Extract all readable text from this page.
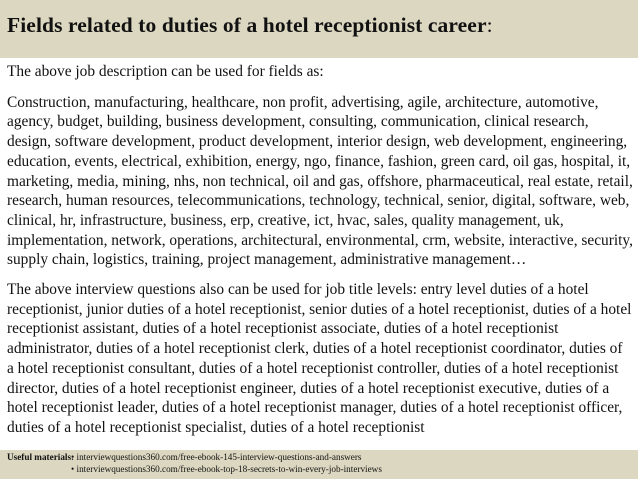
Fields related to duties of a hotel receptionist career:

The above job description can be used for fields as:

Construction, manufacturing, healthcare, non profit, advertising, agile, architecture, automotive, agency, budget, building, business development, consulting, communication, clinical research, design, software development, product development, interior design, web development, engineering, education, events, electrical, exhibition, energy, ngo, finance, fashion, green card, oil gas, hospital, it, marketing, media, mining, nhs, non technical, oil and gas, offshore, pharmaceutical, real estate, retail, research, human resources, telecommunications, technology, technical, senior, digital, software, web, clinical, hr, infrastructure, business, erp, creative, ict, hvac, sales, quality management, uk, implementation, network, operations, architectural, environmental, crm, website, interactive, security, supply chain, logistics, training, project management, administrative management…

The above interview questions also can be used for job title levels: entry level duties of a hotel receptionist, junior duties of a hotel receptionist, senior duties of a hotel receptionist, duties of a hotel receptionist assistant, duties of a hotel receptionist associate, duties of a hotel receptionist administrator, duties of a hotel receptionist clerk, duties of a hotel receptionist coordinator, duties of a hotel receptionist consultant, duties of a hotel receptionist controller, duties of a hotel receptionist director, duties of a hotel receptionist engineer, duties of a hotel receptionist executive, duties of a hotel receptionist leader, duties of a hotel receptionist manager, duties of a hotel receptionist officer, duties of a hotel receptionist specialist, duties of a hotel receptionist

Useful materials:
• interviewquestions360.com/free-ebook-145-interview-questions-and-answers
• interviewquestions360.com/free-ebook-top-18-secrets-to-win-every-job-interviews
